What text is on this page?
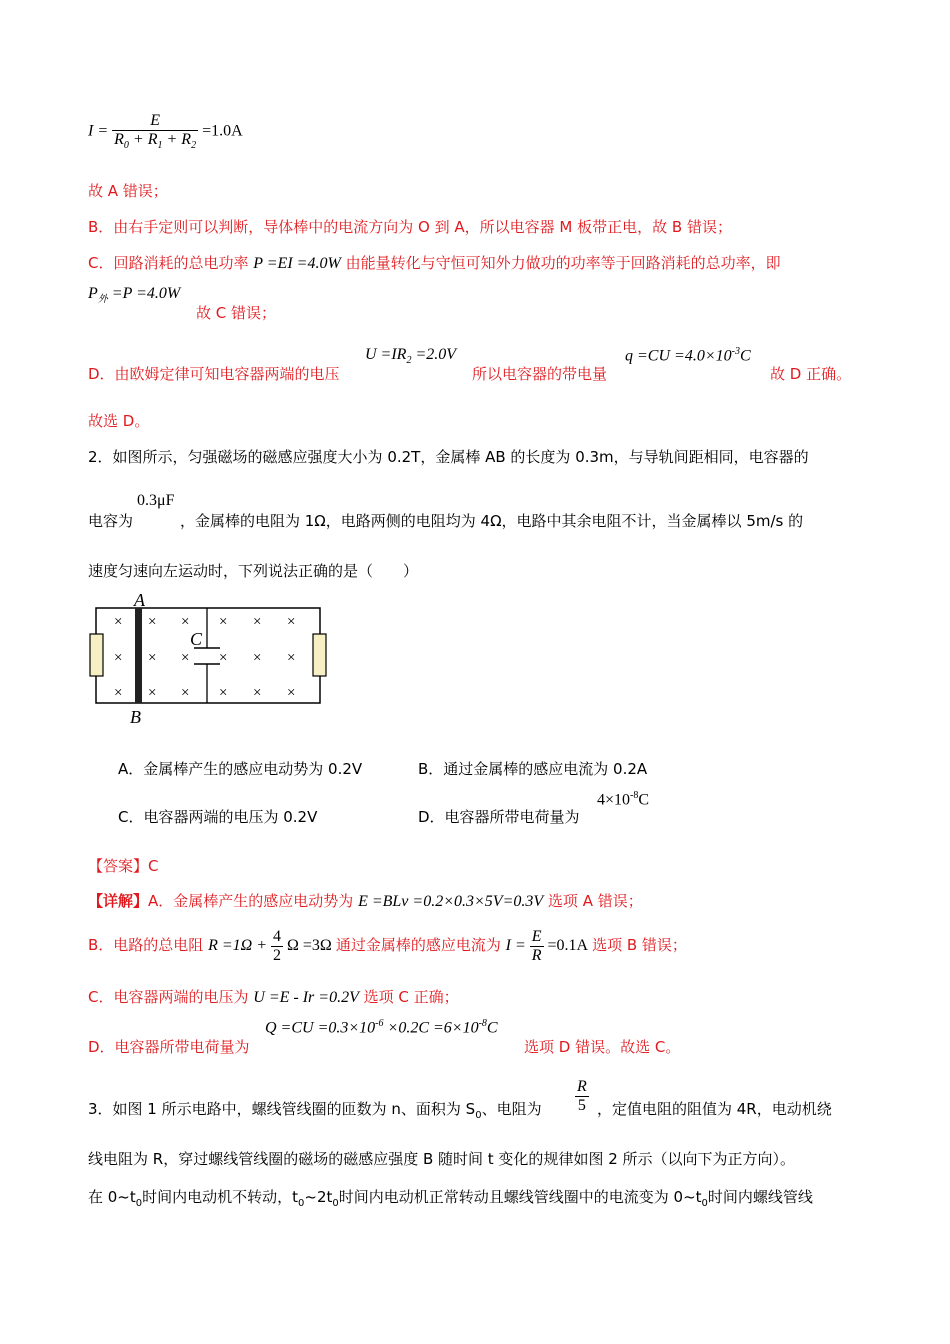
$I = \frac{E}{R_0 + R_1 + R_2} =1.0A$
故 A 错误；
B．由右手定则可以判断，导体棒中的电流方向为 O 到 A，所以电容器 M 板带正电，故 B 错误；
C．回路消耗的总电功率 P =EI =4.0W 由能量转化与守恒可知外力做功的功率等于回路消耗的总功率，即
$P_外 =P =4.0W$
故 C 错误；
$U =IR_2 =2.0V$	$q =CU =4.0\times 10^{-3}C$
D．由欧姆定律可知电容器两端的电压	所以电容器的带电量	故 D 正确。
故选 D。
2．如图所示，匀强磁场的磁感应强度大小为 0.2T，金属棒 AB 的长度为 0.3m，与导轨间距相同，电容器的
0.3μF
电容为	，金属棒的电阻为 1Ω，电路两侧的电阻均为 4Ω，电路中其余电阻不计，当金属棒以 5m/s 的
速度匀速向左运动时，下列说法正确的是（　　）
A
B
C
×
×
×
×
×
×
×
×
×
×
×
×
×
×
×
×
×
×
A．金属棒产生的感应电动势为 0.2V	B．通过金属棒的感应电流为 0.2A
C．电容器两端的电压为 0.2V	D．电容器所带电荷量为
$4\times 10^{-8}C$
【答案】C
【详解】A．金属棒产生的感应电动势为 E =BLv =0.2×0.3×5V=0.3V 选项 A 错误；
B．电路的总电阻 $R =1\Omega + \frac{4}{2}$ Ω =3Ω 通过金属棒的感应电流为 $I = \frac{E}{R} =0.1A$ 选项 B 错误；
C．电容器两端的电压为 U =E - Ir =0.2V 选项 C 正确；
$Q =CU =0.3\times 10^{-6} \times 0.2C =6\times 10^{-8}C$
D．电容器所带电荷量为	选项 D 错误。故选 C。
3．如图 1 所示电路中，螺线管线圈的匝数为 n、面积为 $S_0$、电阻为 $\frac{R}{5}$ ，定值电阻的阻值为 4R，电动机绕
线电阻为 R，穿过螺线管线圈的磁场的磁感应强度 B 随时间 t 变化的规律如图 2 所示（以向下为正方向）。
在 $0\sim t_0$时间内电动机不转动，$t_0\sim 2t_0$时间内电动机正常转动且螺线管线圈中的电流变为 $0\sim t_0$时间内螺线管线
